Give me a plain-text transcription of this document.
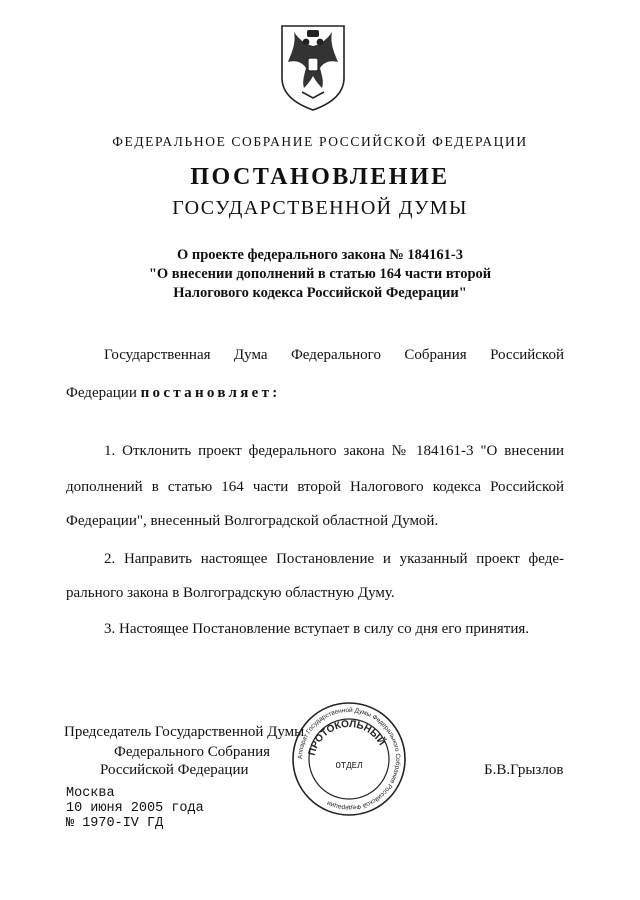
ФЕДЕРАЛЬНОЕ СОБРАНИЕ РОССИЙСКОЙ ФЕДЕРАЦИИ
ПОСТАНОВЛЕНИЕ
ГОСУДАРСТВЕННОЙ ДУМЫ
О проекте федерального закона № 184161-3
"О внесении дополнений в статью 164 части второй
Налогового кодекса Российской Федерации"
Государственная Дума Федерального Собрания Российской
Федерации постановляет:
1. Отклонить проект федерального закона № 184161-3 "О внесении
дополнений в статью 164 части второй Налогового кодекса Российской
Федерации", внесенный Волгоградской областной Думой.
2. Направить настоящее Постановление и указанный проект феде-
рального закона в Волгоградскую областную Думу.
3. Настоящее Постановление вступает в силу со дня его принятия.
Председатель Государственной Думы
Федерального Собрания
Российской Федерации	Б.В.Грызлов
Аппарат Государственной Думы Федерального Собрания Российской Федерации
ПРОТОКОЛЬНЫЙ
ОТДЕЛ
Москва
10 июня 2005 года
№ 1970-IV ГД
